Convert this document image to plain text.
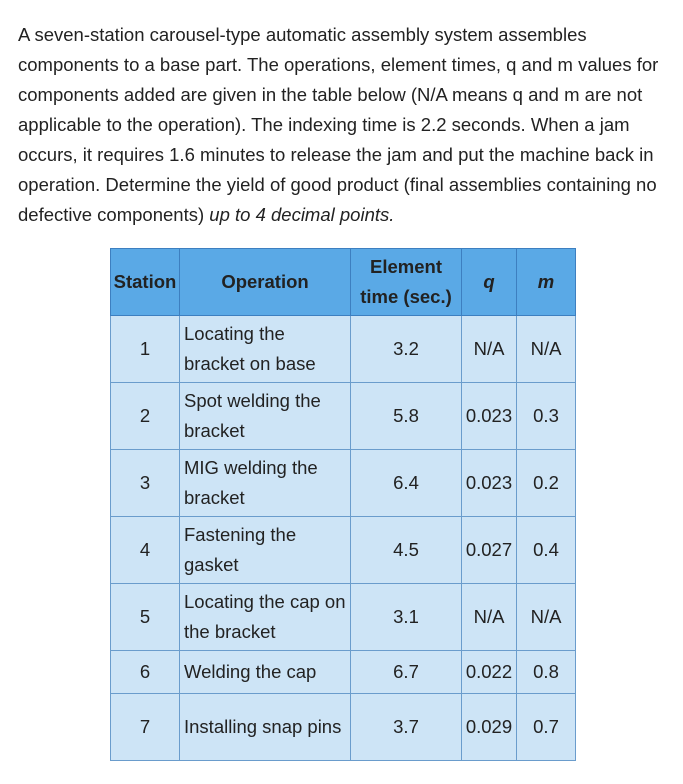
A seven-station carousel-type automatic assembly system assembles components to a base part. The operations, element times, q and m values for components added are given in the table below (N/A means q and m are not applicable to the operation). The indexing time is 2.2 seconds. When a jam occurs, it requires 1.6 minutes to release the jam and put the machine back in operation. Determine the yield of good product (final assemblies containing no defective components) up to 4 decimal points.

Station	Operation	Element time (sec.)	q	m
1	Locating the bracket on base	3.2	N/A	N/A
2	Spot welding the bracket	5.8	0.023	0.3
3	MIG welding the bracket	6.4	0.023	0.2
4	Fastening the gasket	4.5	0.027	0.4
5	Locating the cap on the bracket	3.1	N/A	N/A
6	Welding the cap	6.7	0.022	0.8
7	Installing snap pins	3.7	0.029	0.7
